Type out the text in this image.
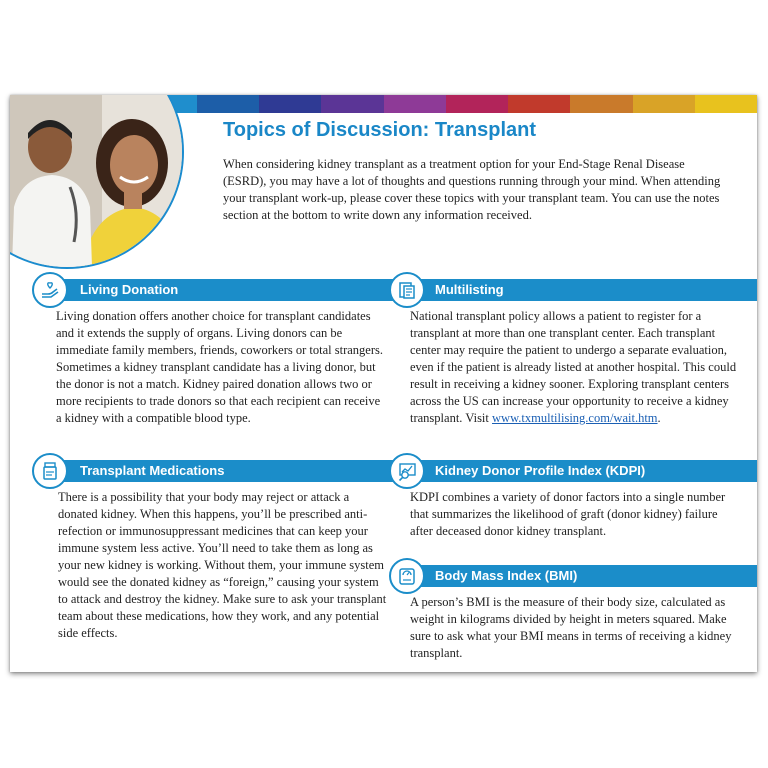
Topics of Discussion: Transplant

When considering kidney transplant as a treatment option for your End-Stage Renal Disease (ESRD), you may have a lot of thoughts and questions running through your mind. When attending your transplant work-up, please cover these topics with your transplant team. You can use the notes section at the bottom to write down any information received.

Living Donation

Living donation offers another choice for transplant candidates and it extends the supply of organs. Living donors can be immediate family members, friends, coworkers or total strangers. Sometimes a kidney transplant candidate has a living donor, but the donor is not a match. Kidney paired donation allows two or more recipients to trade donors so that each recipient can receive a kidney with a compatible blood type.

Multilisting

National transplant policy allows a patient to register for a transplant at more than one transplant center. Each transplant center may require the patient to undergo a separate evaluation, even if the patient is already listed at another hospital. This could result in receiving a kidney sooner. Exploring transplant centers across the US can increase your opportunity to receive a kidney transplant. Visit www.txmultilising.com/wait.htm.

Transplant Medications

There is a possibility that your body may reject or attack a donated kidney. When this happens, you’ll be prescribed anti-refection or immunosuppressant medicines that can keep your immune system less active. You’ll need to take them as long as your new kidney is working. Without them, your immune system would see the donated kidney as “foreign,” causing your system to attack and destroy the kidney. Make sure to ask your transplant team about these medications, how they work, and any potential side effects.

Kidney Donor Profile Index (KDPI)

KDPI combines a variety of donor factors into a single number that summarizes the likelihood of graft (donor kidney) failure after deceased donor kidney transplant.

Body Mass Index (BMI)

A person’s BMI is the measure of their body size, calculated as weight in kilograms divided by height in meters squared. Make sure to ask what your BMI means in terms of receiving a kidney transplant.
